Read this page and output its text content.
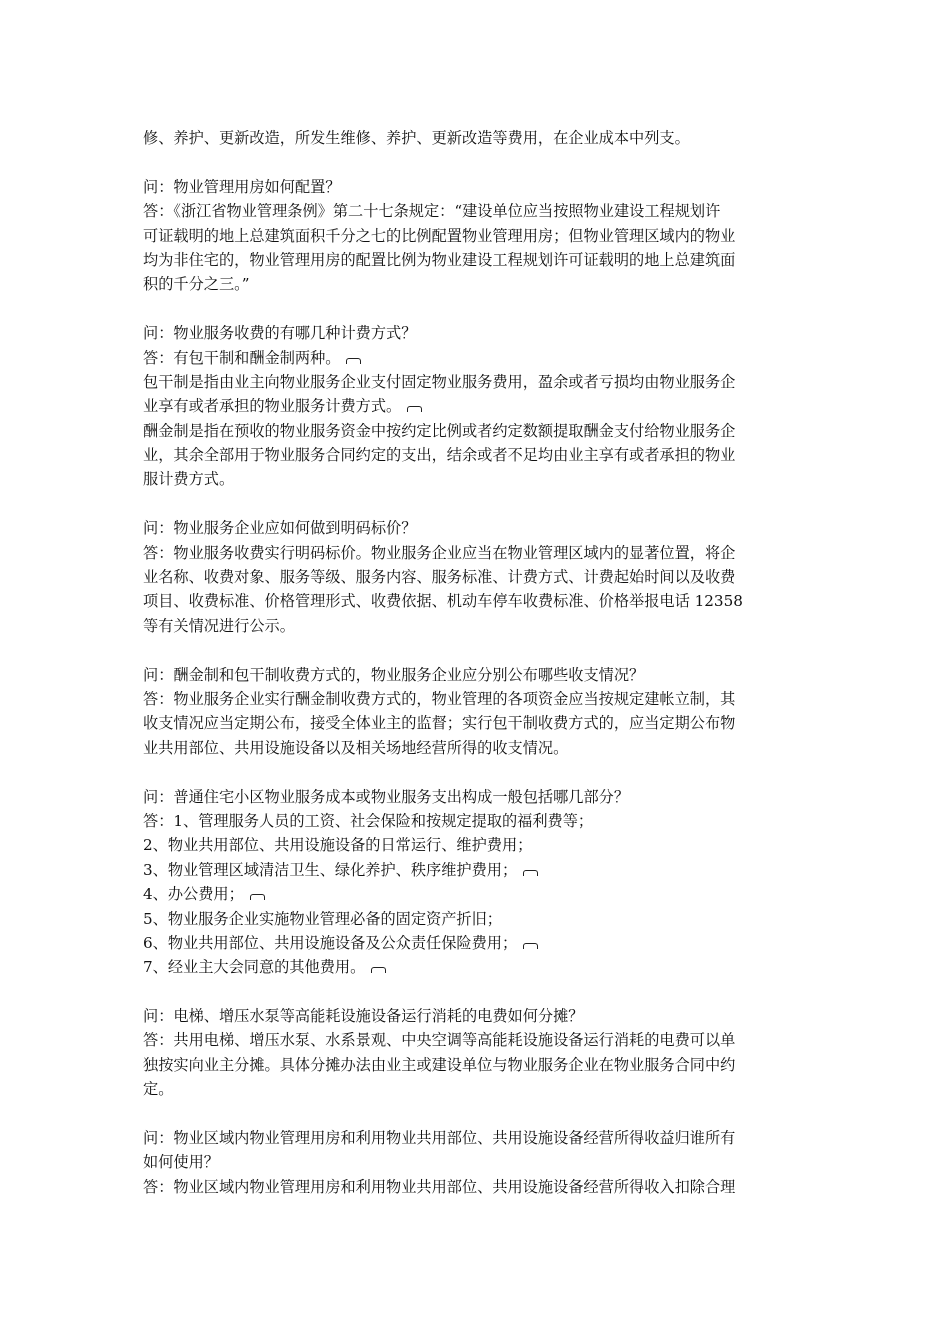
修、养护、更新改造，所发生维修、养护、更新改造等费用，在企业成本中列支。
问：物业管理用房如何配置？
答：《浙江省物业管理条例》第二十七条规定：“建设单位应当按照物业建设工程规划许
可证载明的地上总建筑面积千分之七的比例配置物业管理用房；但物业管理区域内的物业
均为非住宅的，物业管理用房的配置比例为物业建设工程规划许可证载明的地上总建筑面
积的千分之三。”
问：物业服务收费的有哪几种计费方式？
答：有包干制和酬金制两种。
包干制是指由业主向物业服务企业支付固定物业服务费用，盈余或者亏损均由物业服务企
业享有或者承担的物业服务计费方式。
酬金制是指在预收的物业服务资金中按约定比例或者约定数额提取酬金支付给物业服务企
业，其余全部用于物业服务合同约定的支出，结余或者不足均由业主享有或者承担的物业
服计费方式。
问：物业服务企业应如何做到明码标价？
答：物业服务收费实行明码标价。物业服务企业应当在物业管理区域内的显著位置，将企
业名称、收费对象、服务等级、服务内容、服务标准、计费方式、计费起始时间以及收费
项目、收费标准、价格管理形式、收费依据、机动车停车收费标准、价格举报电话 12358
等有关情况进行公示。
问：酬金制和包干制收费方式的，物业服务企业应分别公布哪些收支情况？
答：物业服务企业实行酬金制收费方式的，物业管理的各项资金应当按规定建帐立制，其
收支情况应当定期公布，接受全体业主的监督；实行包干制收费方式的，应当定期公布物
业共用部位、共用设施设备以及相关场地经营所得的收支情况。
问：普通住宅小区物业服务成本或物业服务支出构成一般包括哪几部分？
答：1、管理服务人员的工资、社会保险和按规定提取的福利费等；
2、物业共用部位、共用设施设备的日常运行、维护费用；
3、物业管理区域清洁卫生、绿化养护、秩序维护费用；
4、办公费用；
5、物业服务企业实施物业管理必备的固定资产折旧；
6、物业共用部位、共用设施设备及公众责任保险费用；
7、经业主大会同意的其他费用。
问：电梯、增压水泵等高能耗设施设备运行消耗的电费如何分摊？
答：共用电梯、增压水泵、水系景观、中央空调等高能耗设施设备运行消耗的电费可以单
独按实向业主分摊。具体分摊办法由业主或建设单位与物业服务企业在物业服务合同中约
定。
问：物业区域内物业管理用房和利用物业共用部位、共用设施设备经营所得收益归谁所有
如何使用？
答：物业区域内物业管理用房和利用物业共用部位、共用设施设备经营所得收入扣除合理
